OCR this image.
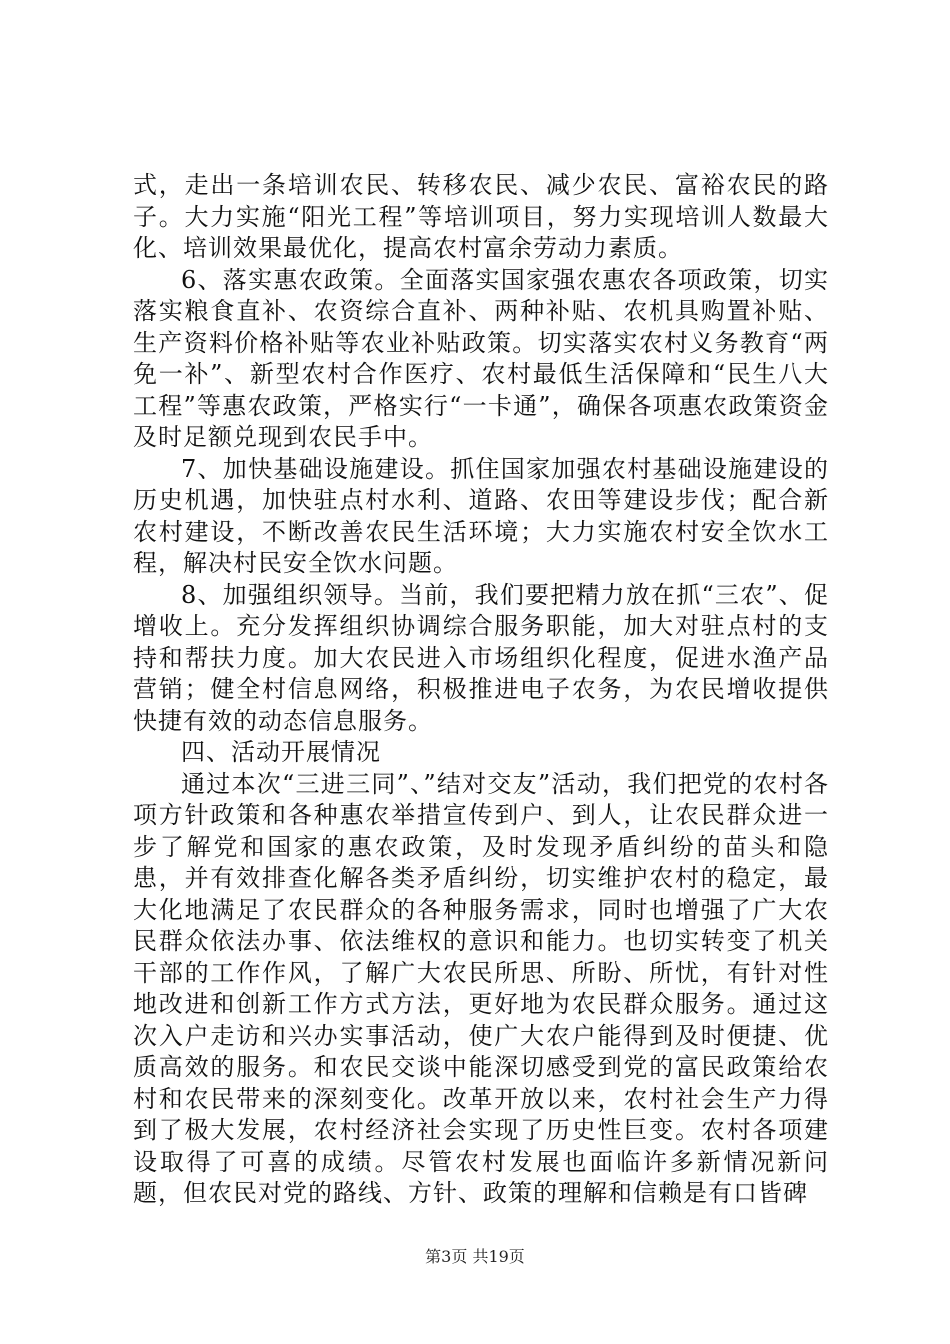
式，走出一条培训农民、转移农民、减少农民、富裕农民的路子。大力实施“阳光工程”等培训项目，努力实现培训人数最大化、培训效果最优化，提高农村富余劳动力素质。

6、落实惠农政策。全面落实国家强农惠农各项政策，切实落实粮食直补、农资综合直补、两种补贴、农机具购置补贴、生产资料价格补贴等农业补贴政策。切实落实农村义务教育“两免一补”、新型农村合作医疗、农村最低生活保障和“民生八大工程”等惠农政策，严格实行“一卡通”，确保各项惠农政策资金及时足额兑现到农民手中。

7、加快基础设施建设。抓住国家加强农村基础设施建设的历史机遇，加快驻点村水利、道路、农田等建设步伐；配合新农村建设，不断改善农民生活环境；大力实施农村安全饮水工程，解决村民安全饮水问题。

8、加强组织领导。当前，我们要把精力放在抓“三农”、促增收上。充分发挥组织协调综合服务职能，加大对驻点村的支持和帮扶力度。加大农民进入市场组织化程度，促进水渔产品营销；健全村信息网络，积极推进电子农务，为农民增收提供快捷有效的动态信息服务。

四、活动开展情况

通过本次“三进三同”、”结对交友”活动，我们把党的农村各项方针政策和各种惠农举措宣传到户、到人，让农民群众进一步了解党和国家的惠农政策，及时发现矛盾纠纷的苗头和隐患，并有效排查化解各类矛盾纠纷，切实维护农村的稳定，最大化地满足了农民群众的各种服务需求，同时也增强了广大农民群众依法办事、依法维权的意识和能力。也切实转变了机关干部的工作作风，了解广大农民所思、所盼、所忧，有针对性地改进和创新工作方式方法，更好地为农民群众服务。通过这次入户走访和兴办实事活动，使广大农户能得到及时便捷、优质高效的服务。和农民交谈中能深切感受到党的富民政策给农村和农民带来的深刻变化。改革开放以来，农村社会生产力得到了极大发展，农村经济社会实现了历史性巨变。农村各项建设取得了可喜的成绩。尽管农村发展也面临许多新情况新问题，但农民对党的路线、方针、政策的理解和信赖是有口皆碑

第3页 共19页
